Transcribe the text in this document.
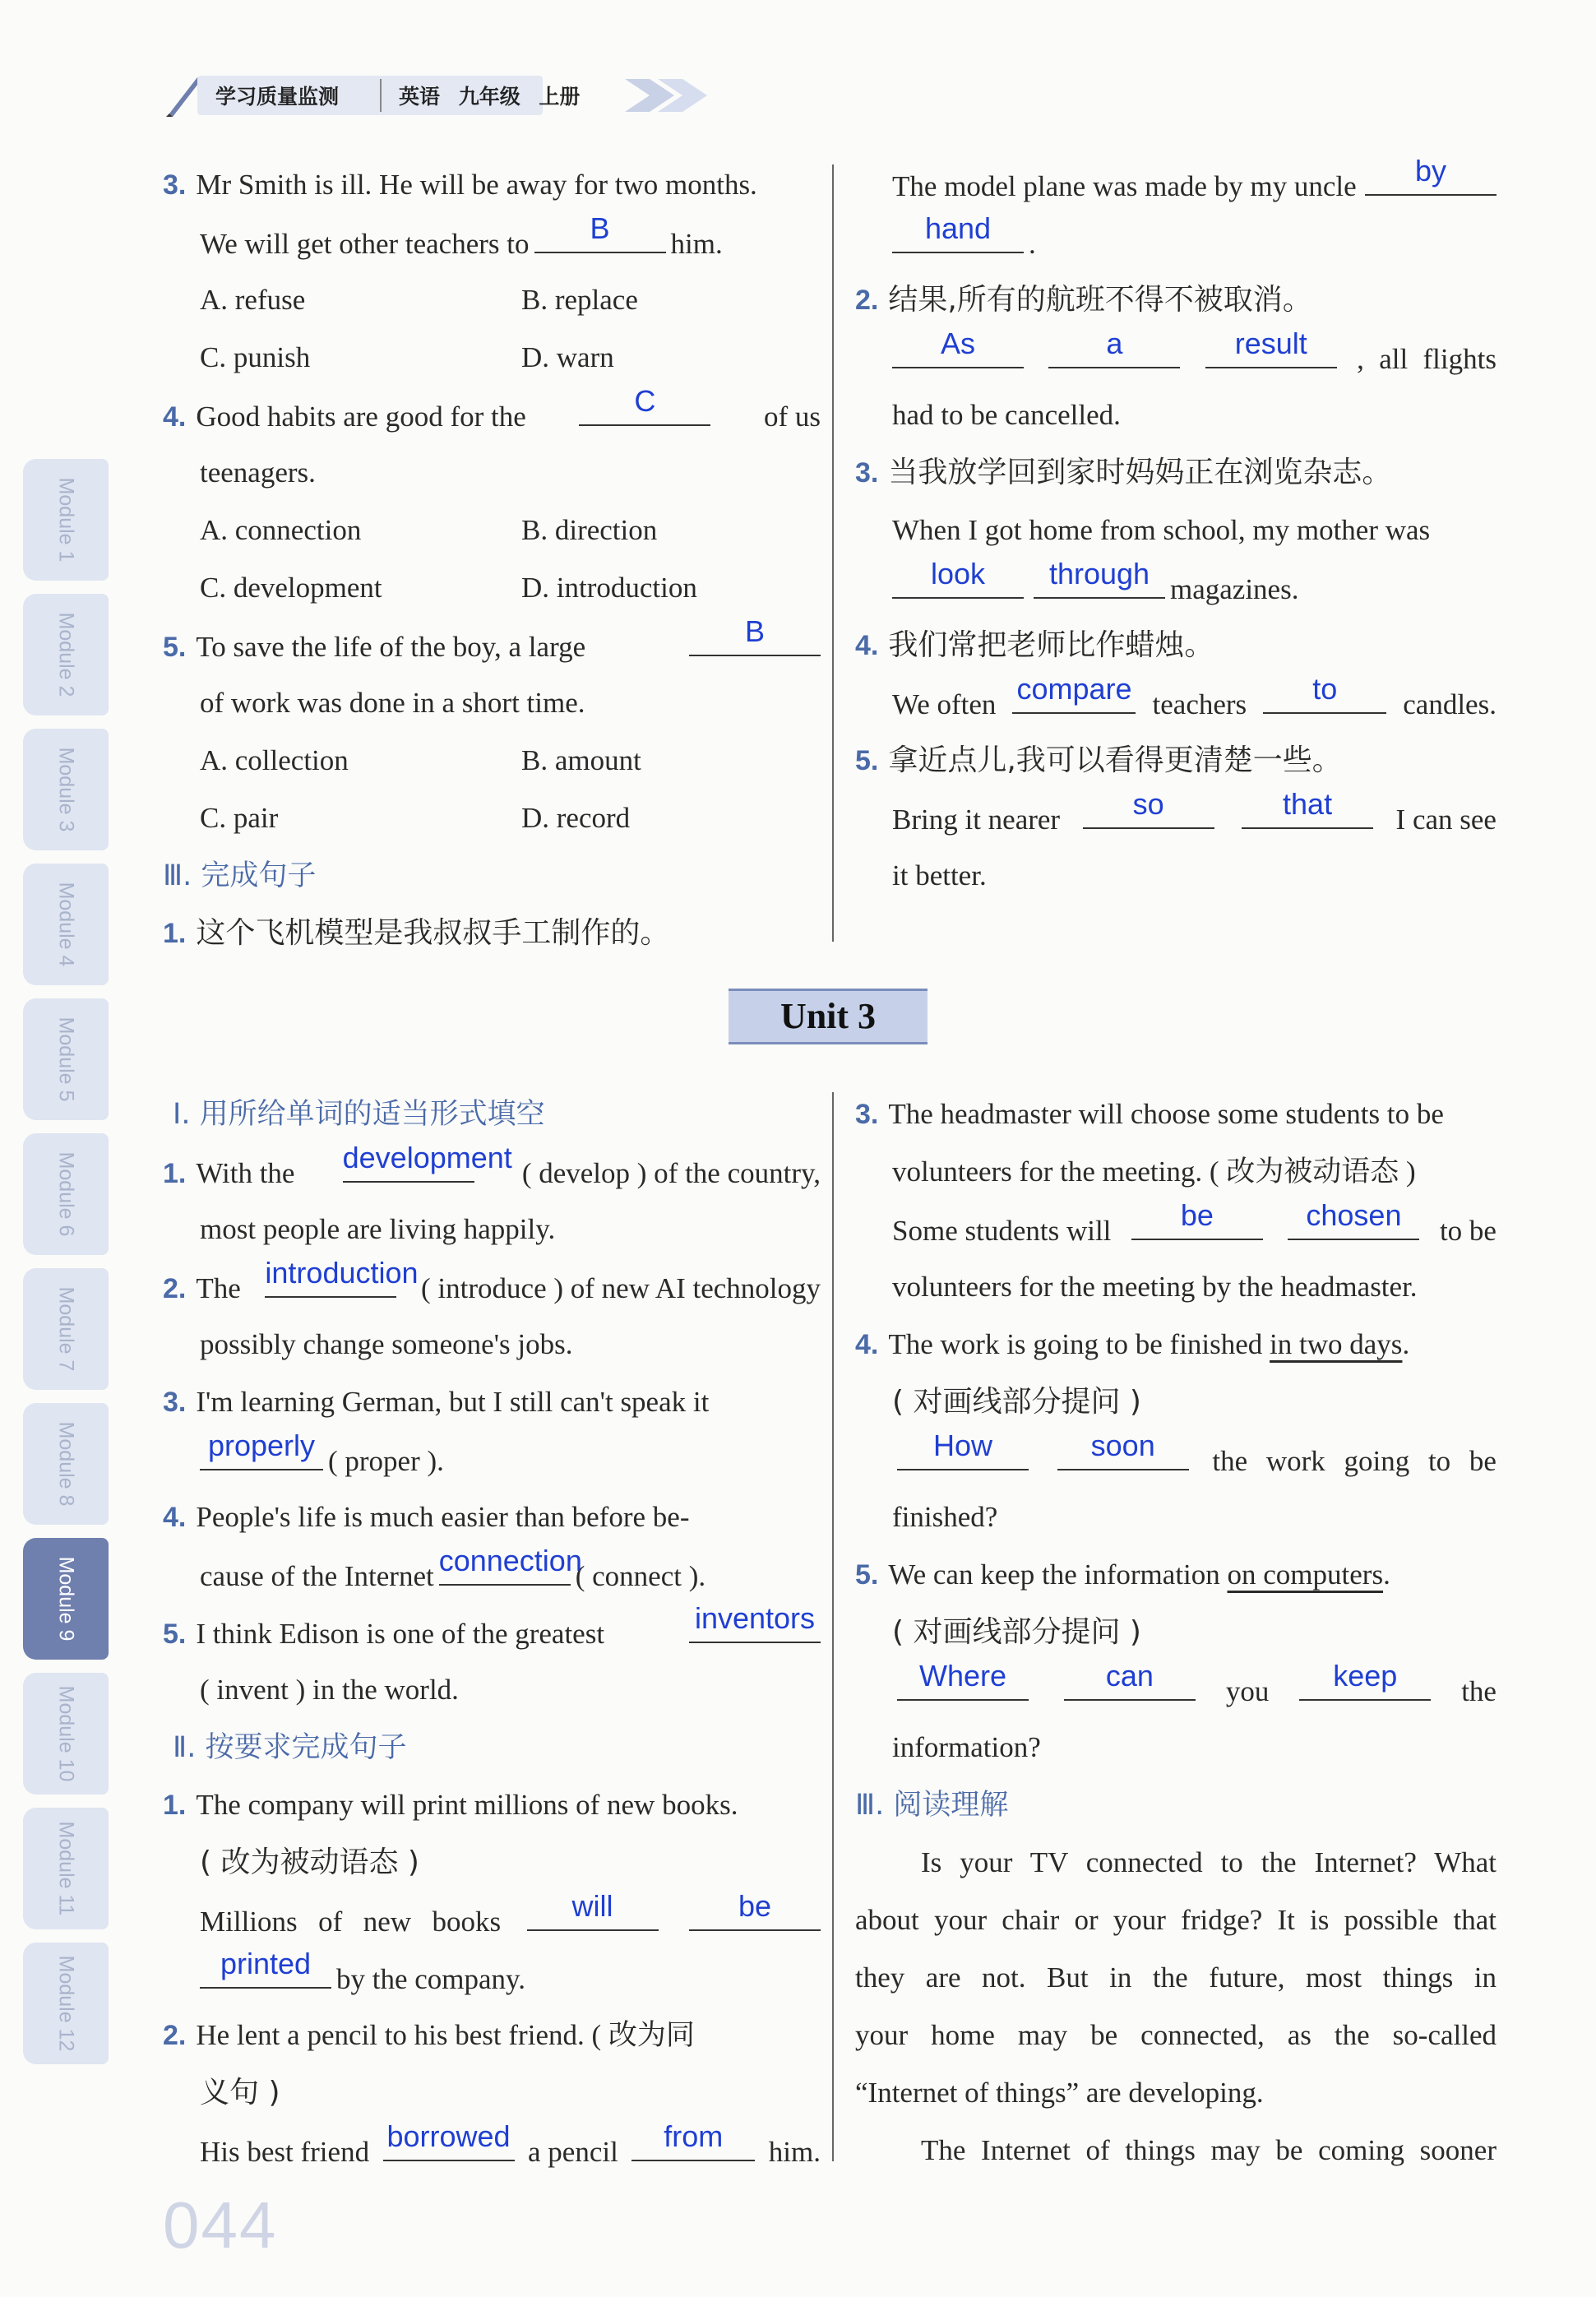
学习质量监测	英语 九年级 上册
Module 1
Module 2
Module 3
Module 4
Module 5
Module 6
Module 7
Module 8
Module 9
Module 10
Module 11
Module 12
3. Mr Smith is ill. He will be away for two months.
We will get other teachers to	B	him.
A. refuse	B. replace
C. punish	D. warn
4. Good habits are good for the	C	of us
teenagers.
A. connection	B. direction
C. development	D. introduction
5. To save the life of the boy, a large	B
of work was done in a short time.
A. collection	B. amount
C. pair	D. record
Ⅲ. 完成句子
1. 这个飞机模型是我叔叔手工制作的。
The model plane was made by my uncle	by
hand	.
2. 结果,所有的航班不得不被取消。
As	a	result	, all flights
had to be cancelled.
3. 当我放学回到家时妈妈正在浏览杂志。
When I got home from school, my mother was
look	through magazines.
4. 我们常把老师比作蜡烛。
We often compare teachers	to	candles.
5. 拿近点儿,我可以看得更清楚一些。
Bring it nearer	so	that	I can see
it better.
Unit 3
Ⅰ. 用所给单词的适当形式填空
1. With the development ( develop ) of the country,
most people are living happily.
2. The introduction ( introduce ) of new AI technology
possibly change someone's jobs.
3. I'm learning German, but I still can't speak it
properly ( proper ).
4. People's life is much easier than before be-
cause of the Internet connection
( connect ).
5. I think Edison is one of the greatest	inventors
( invent ) in the world.
Ⅱ. 按要求完成句子
1. The company will print millions of new books.
( 改为被动语态 )
Millions of new books	will	be
printed by the company.
2. He lent a pencil to his best friend. ( 改为同
义句 )
His best friend borrowed a pencil	from	him.
3. The headmaster will choose some students to be
volunteers for the meeting. ( 改为被动语态 )
Some students will	be	chosen	to be
volunteers for the meeting by the headmaster.
4. The work is going to be finished in two days.
( 对画线部分提问 )
How	soon	the work going to be
finished?
5. We can keep the information on computers.
( 对画线部分提问 )
Where	can	you	keep	the
information?
Ⅲ. 阅读理解
Is your TV connected to the Internet? What
about your chair or your fridge? It is possible that
they are not. But in the future, most things in
your home may be connected, as the so-called
“Internet of things” are developing.
The Internet of things may be coming sooner
044
